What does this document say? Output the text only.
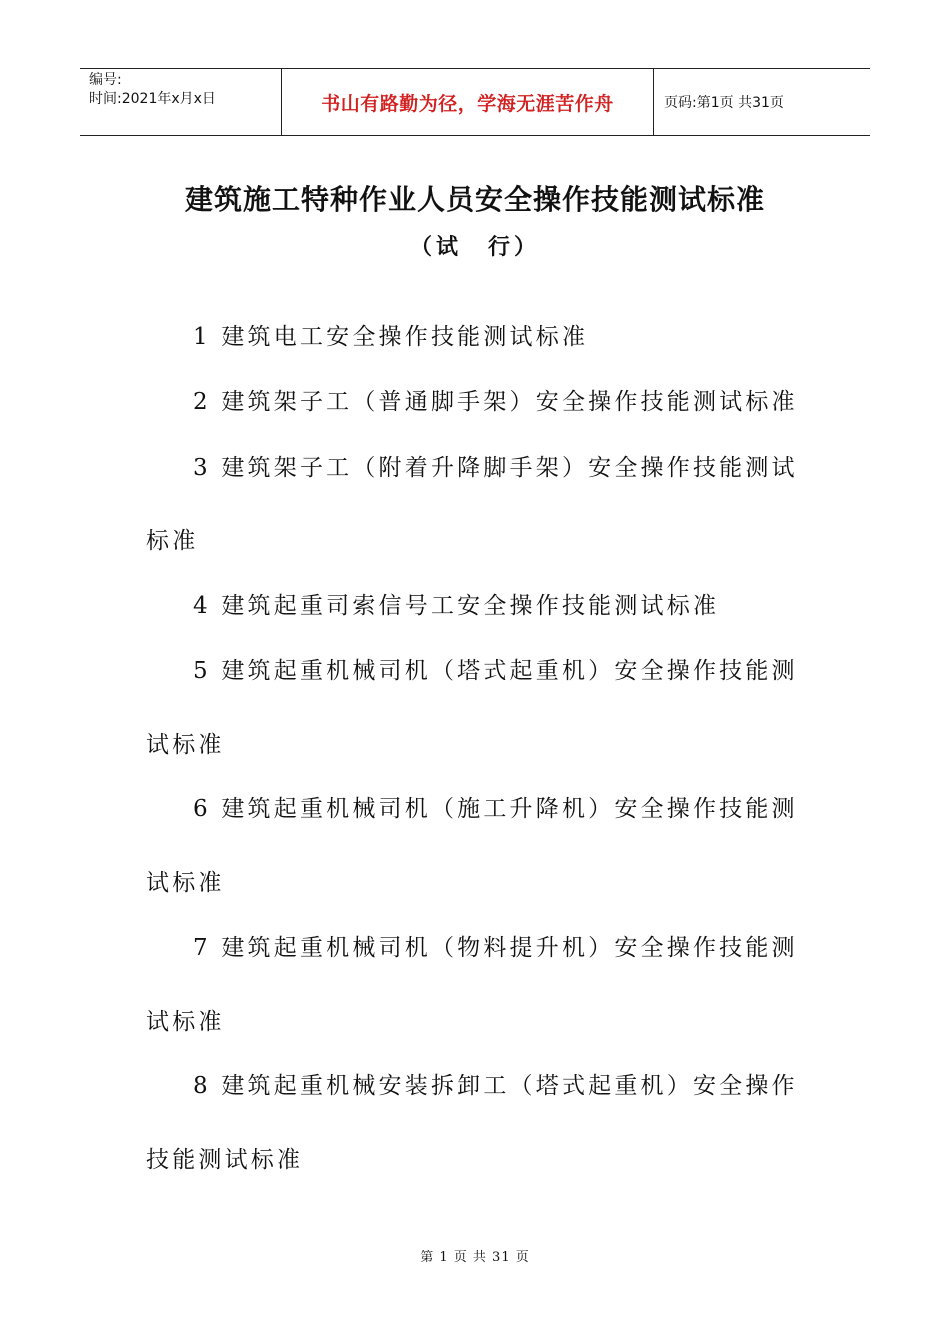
编号:
时间:2021年x月x日	书山有路勤为径，学海无涯苦作舟	页码:第1页 共31页
建筑施工特种作业人员安全操作技能测试标准

（试　行）

1 建筑电工安全操作技能测试标准

2 建筑架子工（普通脚手架）安全操作技能测试标准

3 建筑架子工（附着升降脚手架）安全操作技能测试

标准

4 建筑起重司索信号工安全操作技能测试标准

5 建筑起重机械司机（塔式起重机）安全操作技能测

试标准

6 建筑起重机械司机（施工升降机）安全操作技能测

试标准

7 建筑起重机械司机（物料提升机）安全操作技能测

试标准

8 建筑起重机械安装拆卸工（塔式起重机）安全操作

技能测试标准

第 1 页 共 31 页
